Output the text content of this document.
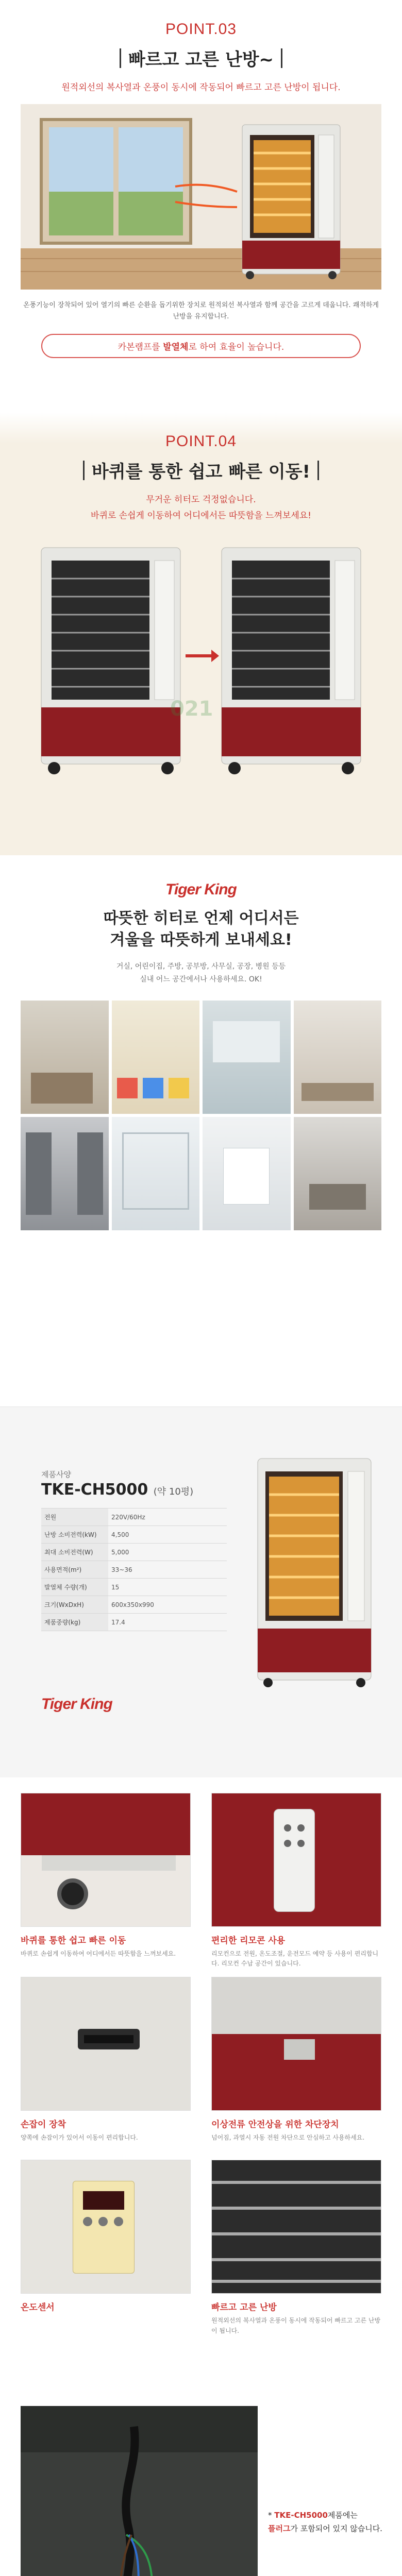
POINT.03
빠르고 고른 난방~
원적외선의 복사열과 온풍이 동시에 작동되어 빠르고 고른 난방이 됩니다.
온풍기능이 장착되어 있어 열기의 빠른 순환을 돕기위한 장치로 원적외선 복사열과 함께 공간을 고르게 데웁니다. 쾌적하게 난방을 유지합니다.
카본램프를 발열체로 하여 효율이 높습니다.
POINT.04
바퀴를 통한 쉽고 빠른 이동!
무거운 히터도 걱정없습니다.
바퀴로 손쉽게 이동하여 어디에서든 따뜻함을 느껴보세요!
021
Tiger King
따뜻한 히터로 언제 어디서든
겨울을 따뜻하게 보내세요!
거실, 어린이집, 주방, 공부방, 사무실, 공장, 병원 등등
실내 어느 공간에서나 사용하세요. OK!
제품사양
TKE-CH5000 (약 10평)
전원	220V/60Hz
난방 소비전력(kW)	4,500
최대 소비전력(W)	5,000
사용면적(m²)	33~36
발열체 수량(개)	15
크기(WxDxH)	600x350x990
제품중량(kg)	17.4
Tiger King
바퀴를 통한 쉽고 빠른 이동
바퀴로 손쉽게 이동하여 어디에서든 따뜻함을 느껴보세요.
편리한 리모콘 사용
리모컨으로 전원, 온도조절, 운전모드 예약 등 사용이 편리합니다. 리모컨 수납 공간이 있습니다.
손잡이 장착
양쪽에 손잡이가 있어서 이동이 편리합니다.
이상전류 안전상을 위한 차단장치
넘어짐, 과열시 자동 전원 차단으로 안심하고 사용하세요.
온도센서	빠르고 고른 난방
원적외선의 복사열과 온풍이 동시에 작동되어 빠르고 고른 난방이 됩니다.
* TKE-CH5000제품에는
플러그가 포함되어 있지 않습니다.
